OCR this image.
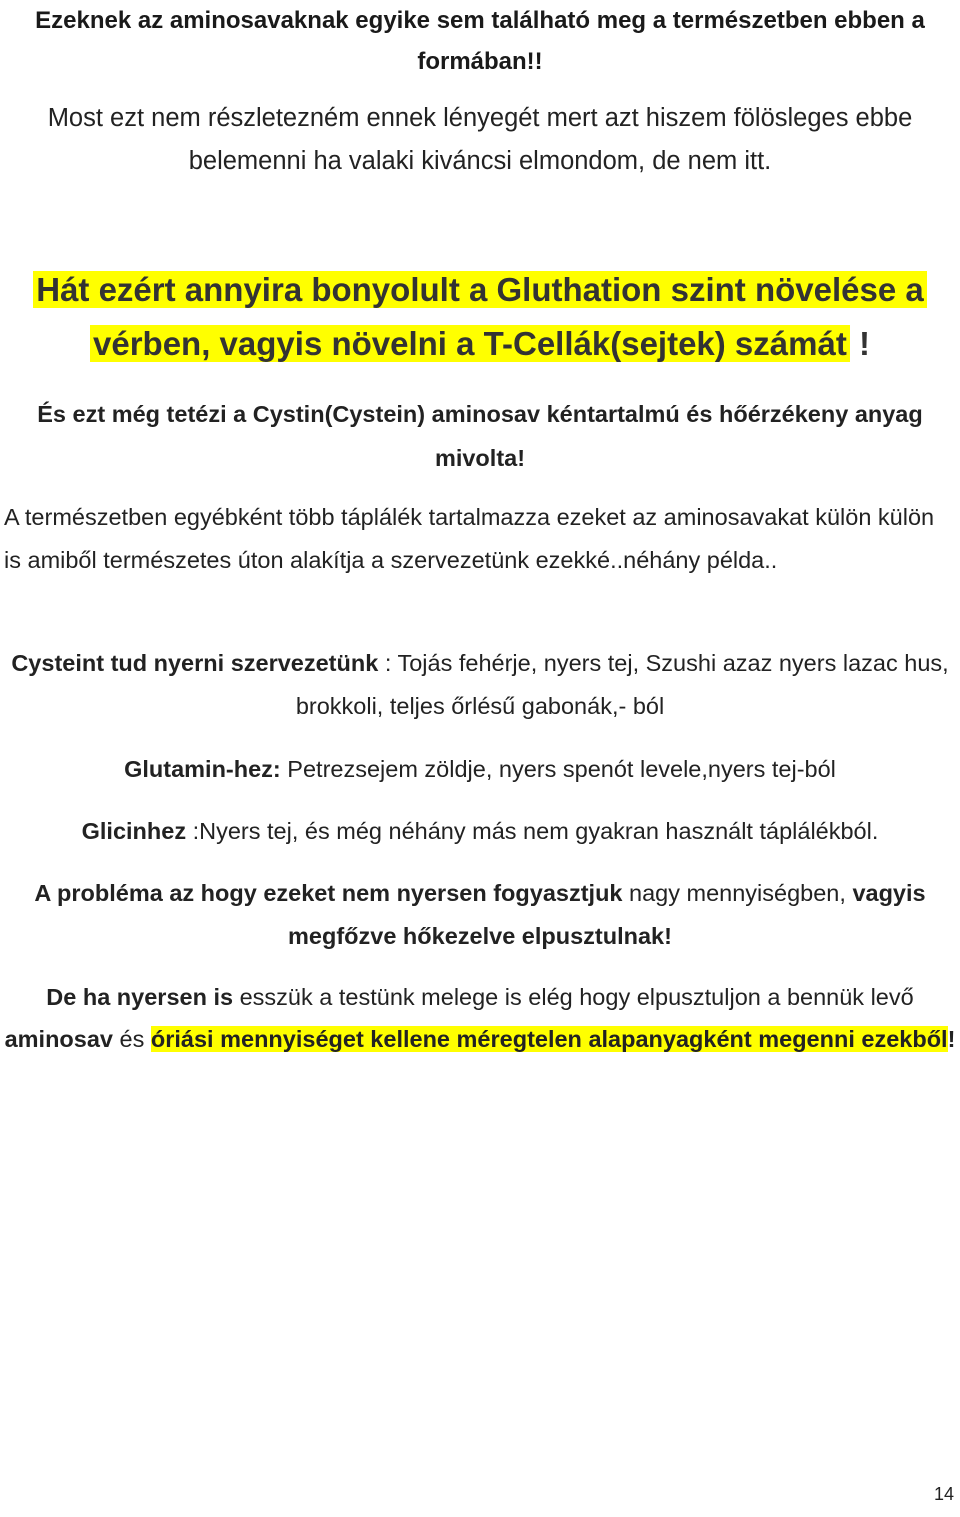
Ezeknek az aminosavaknak egyike sem található meg a természetben ebben a formában!!

Most ezt nem részletezném ennek lényegét mert azt hiszem fölösleges ebbe belemenni ha valaki kiváncsi elmondom, de nem itt.

Hát ezért annyira bonyolult a Gluthation szint növelése a
vérben, vagyis növelni a T-Cellák(sejtek) számát !

És ezt még tetézi a Cystin(Cystein) aminosav kéntartalmú és hőérzékeny anyag mivolta!

A természetben egyébként több táplálék tartalmazza ezeket az aminosavakat külön külön is amiből természetes úton alakítja a szervezetünk ezekké..néhány példa..

Cysteint tud nyerni szervezetünk : Tojás fehérje, nyers tej, Szushi azaz nyers lazac hus, brokkoli, teljes őrlésű gabonák,- ból

Glutamin-hez: Petrezsejem zöldje, nyers spenót levele,nyers tej-ból

Glicinhez :Nyers tej, és még néhány más nem gyakran használt táplálékból.

A probléma az hogy ezeket nem nyersen fogyasztjuk nagy mennyiségben, vagyis megfőzve hőkezelve elpusztulnak!

De ha nyersen is esszük a testünk melege is elég hogy elpusztuljon a bennük levő aminosav és óriási mennyiséget kellene méregtelen alapanyagként megenni ezekből!

14
